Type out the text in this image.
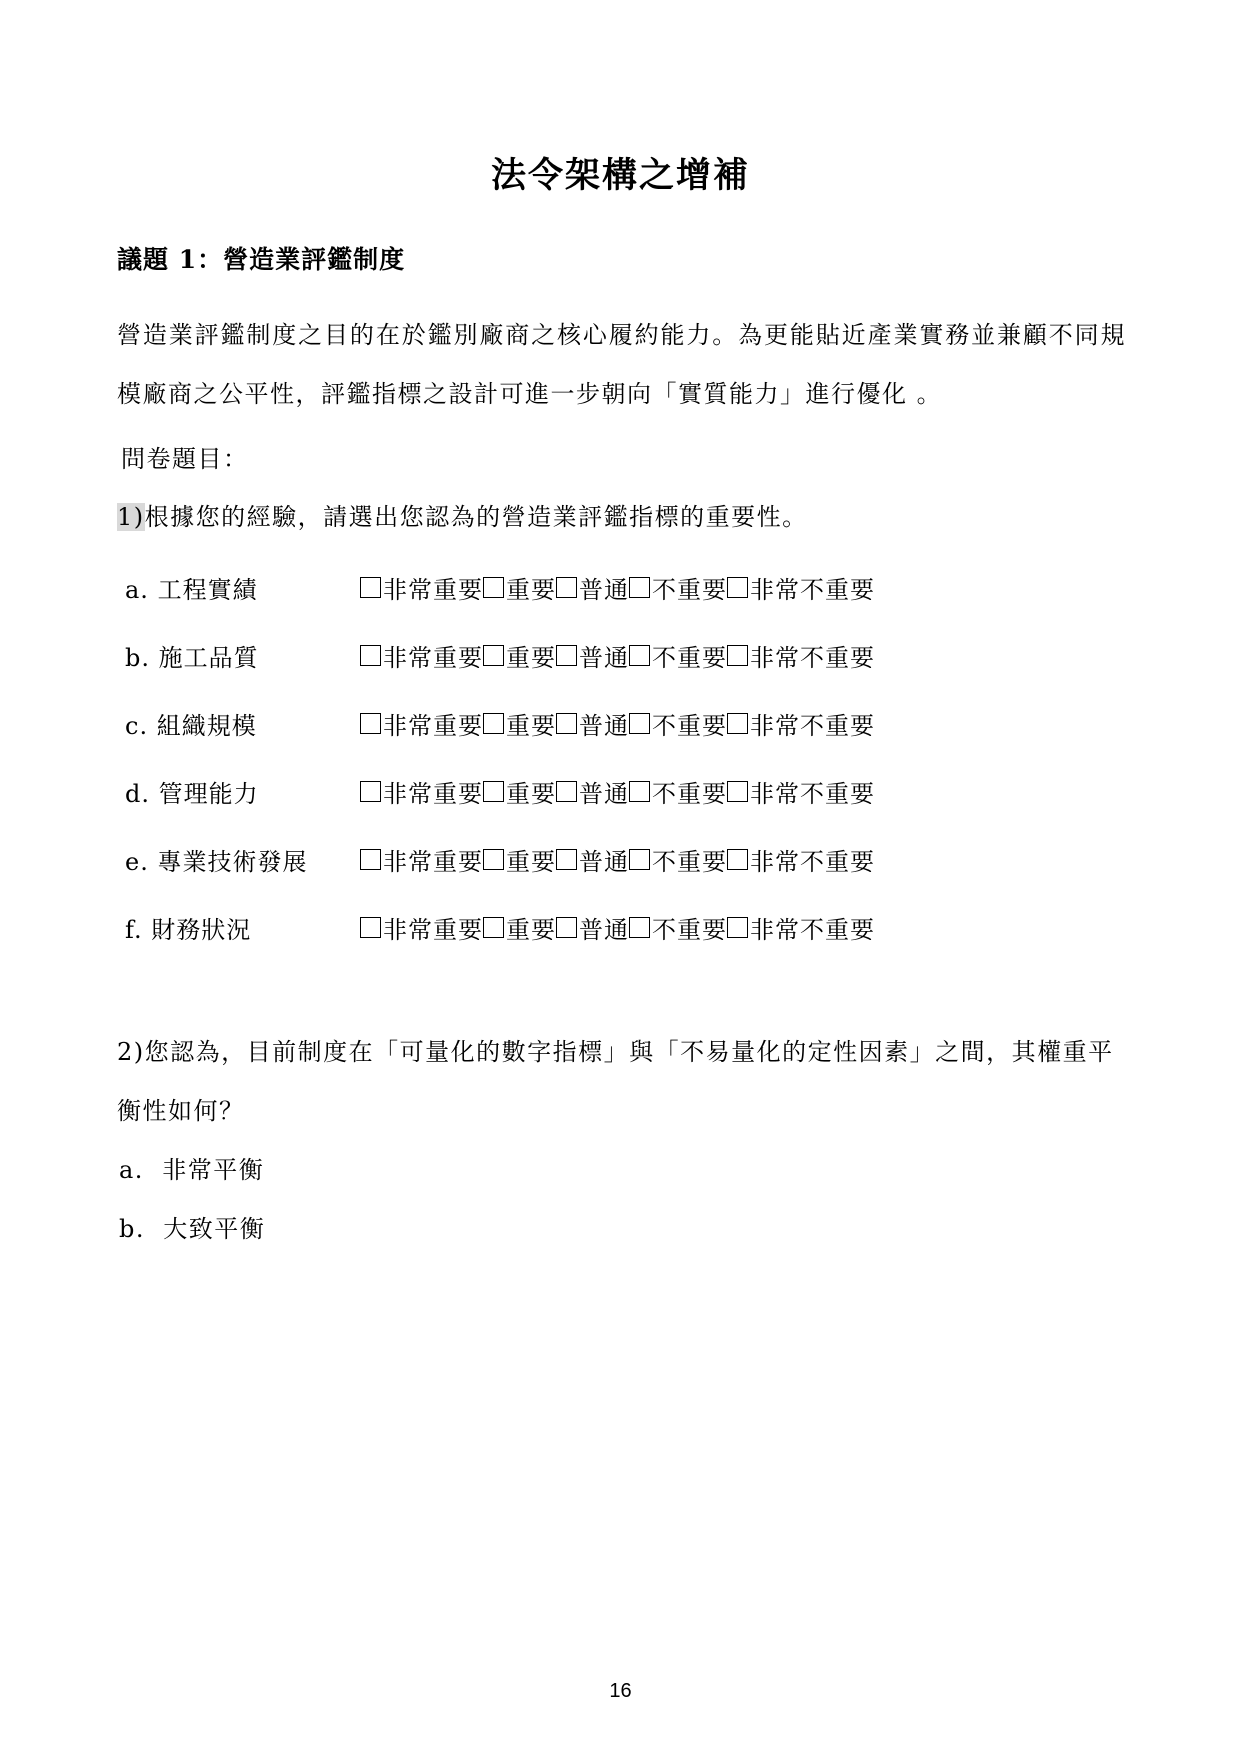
法令架構之增補
議題 1：營造業評鑑制度

營造業評鑑制度之目的在於鑑別廠商之核心履約能力。為更能貼近產業實務並兼顧不同規模廠商之公平性，評鑑指標之設計可進一步朝向「實質能力」進行優化 。

問卷題目：

1)根據您的經驗，請選出您認為的營造業評鑑指標的重要性。

a. 工程實績	非常重要 重要 普通 不重要 非常不重要
b. 施工品質	非常重要 重要 普通 不重要 非常不重要
c. 組織規模	非常重要 重要 普通 不重要 非常不重要
d. 管理能力	非常重要 重要 普通 不重要 非常不重要
e. 專業技術發展	非常重要 重要 普通 不重要 非常不重要
f. 財務狀況	非常重要 重要 普通 不重要 非常不重要

2)您認為，目前制度在「可量化的數字指標」與「不易量化的定性因素」之間，其權重平衡性如何？

a. 非常平衡

b. 大致平衡

16
